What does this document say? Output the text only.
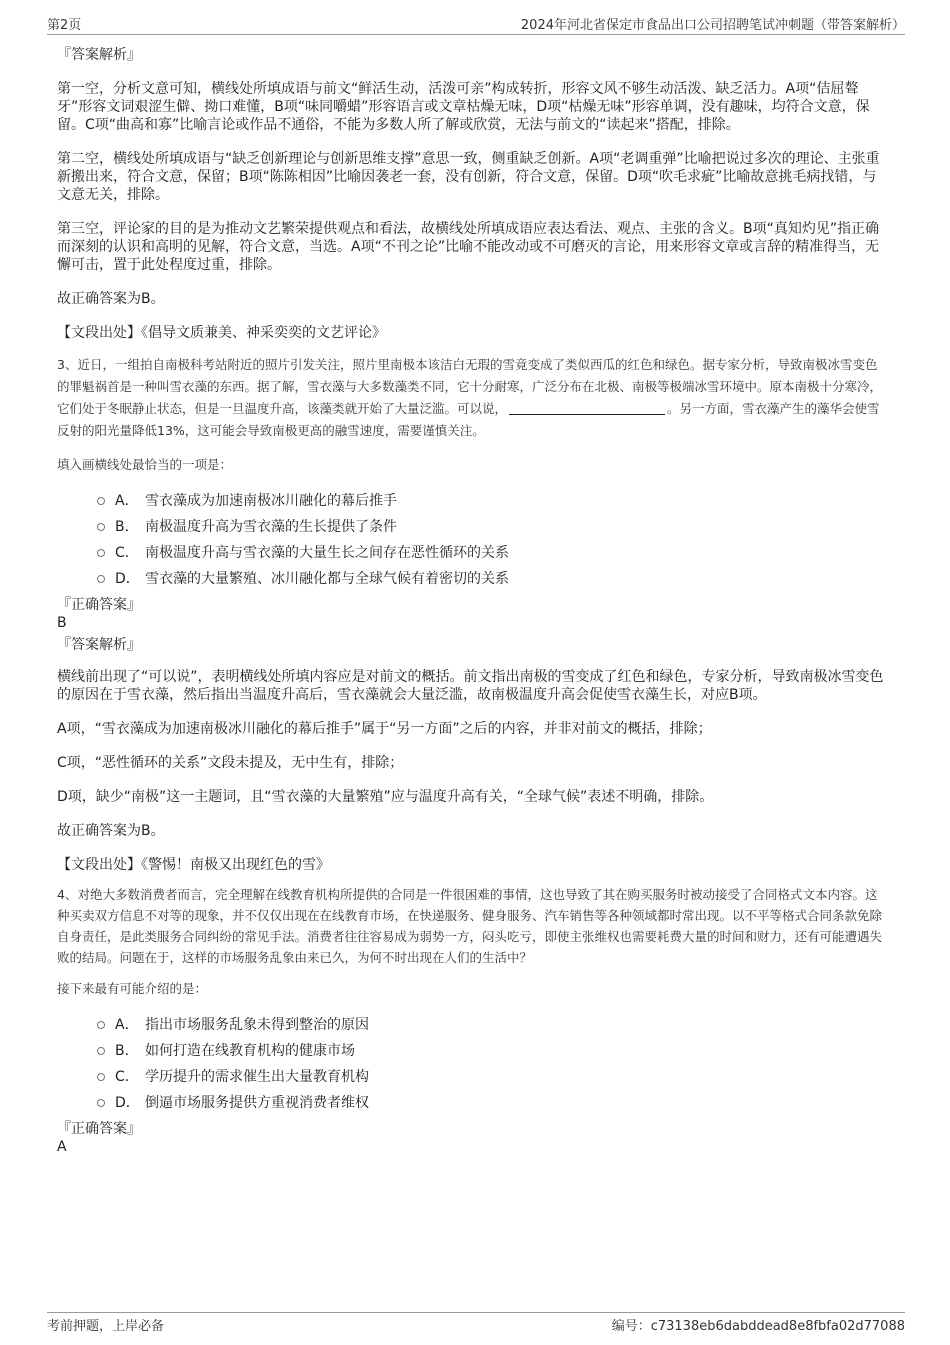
第2页	2024年河北省保定市食品出口公司招聘笔试冲刺题（带答案解析）

『答案解析』

第一空，分析文意可知，横线处所填成语与前文“鲜活生动，活泼可亲”构成转折，形容文风不够生动活泼、缺乏活力。A项“佶屈聱牙”形容文词艰涩生僻、拗口难懂，B项“味同嚼蜡”形容语言或文章枯燥无味，D项“枯燥无味”形容单调，没有趣味，均符合文意，保留。C项“曲高和寡”比喻言论或作品不通俗，不能为多数人所了解或欣赏，无法与前文的“读起来”搭配，排除。

第二空，横线处所填成语与“缺乏创新理论与创新思维支撑”意思一致，侧重缺乏创新。A项“老调重弹”比喻把说过多次的理论、主张重新搬出来，符合文意，保留；B项“陈陈相因”比喻因袭老一套，没有创新，符合文意，保留。D项“吹毛求疵”比喻故意挑毛病找错，与文意无关，排除。

第三空，评论家的目的是为推动文艺繁荣提供观点和看法，故横线处所填成语应表达看法、观点、主张的含义。B项“真知灼见”指正确而深刻的认识和高明的见解，符合文意，当选。A项“不刊之论”比喻不能改动或不可磨灭的言论，用来形容文章或言辞的精准得当，无懈可击，置于此处程度过重，排除。

故正确答案为B。

【文段出处】《倡导文质兼美、神采奕奕的文艺评论》

3、近日，一组拍自南极科考站附近的照片引发关注，照片里南极本该洁白无瑕的雪竟变成了类似西瓜的红色和绿色。据专家分析，导致南极冰雪变色的罪魁祸首是一种叫雪衣藻的东西。据了解，雪衣藻与大多数藻类不同，它十分耐寒，广泛分布在北极、南极等极端冰雪环境中。原本南极十分寒冷，它们处于冬眠静止状态，但是一旦温度升高，该藻类就开始了大量泛滥。可以说，	。另一方面，雪衣藻产生的藻华会使雪反射的阳光量降低13%，这可能会导致南极更高的融雪速度，需要谨慎关注。

填入画横线处最恰当的一项是：

A． 雪衣藻成为加速南极冰川融化的幕后推手
B． 南极温度升高为雪衣藻的生长提供了条件
C． 南极温度升高与雪衣藻的大量生长之间存在恶性循环的关系
D． 雪衣藻的大量繁殖、冰川融化都与全球气候有着密切的关系

『正确答案』

B

『答案解析』

横线前出现了“可以说”，表明横线处所填内容应是对前文的概括。前文指出南极的雪变成了红色和绿色，专家分析，导致南极冰雪变色的原因在于雪衣藻，然后指出当温度升高后，雪衣藻就会大量泛滥，故南极温度升高会促使雪衣藻生长，对应B项。

A项，“雪衣藻成为加速南极冰川融化的幕后推手”属于“另一方面”之后的内容，并非对前文的概括，排除；

C项，“恶性循环的关系”文段未提及，无中生有，排除；

D项，缺少“南极”这一主题词，且“雪衣藻的大量繁殖”应与温度升高有关，“全球气候”表述不明确，排除。

故正确答案为B。

【文段出处】《警惕！南极又出现红色的雪》

4、对绝大多数消费者而言，完全理解在线教育机构所提供的合同是一件很困难的事情，这也导致了其在购买服务时被动接受了合同格式文本内容。这种买卖双方信息不对等的现象，并不仅仅出现在在线教育市场，在快递服务、健身服务、汽车销售等各种领域都时常出现。以不平等格式合同条款免除自身责任，是此类服务合同纠纷的常见手法。消费者往往容易成为弱势一方，闷头吃亏，即使主张维权也需要耗费大量的时间和财力，还有可能遭遇失败的结局。问题在于，这样的市场服务乱象由来已久，为何不时出现在人们的生活中？

接下来最有可能介绍的是：

A． 指出市场服务乱象未得到整治的原因
B． 如何打造在线教育机构的健康市场
C． 学历提升的需求催生出大量教育机构
D． 倒逼市场服务提供方重视消费者维权

『正确答案』

A

考前押题，上岸必备	编号：c73138eb6dabddead8e8fbfa02d77088
